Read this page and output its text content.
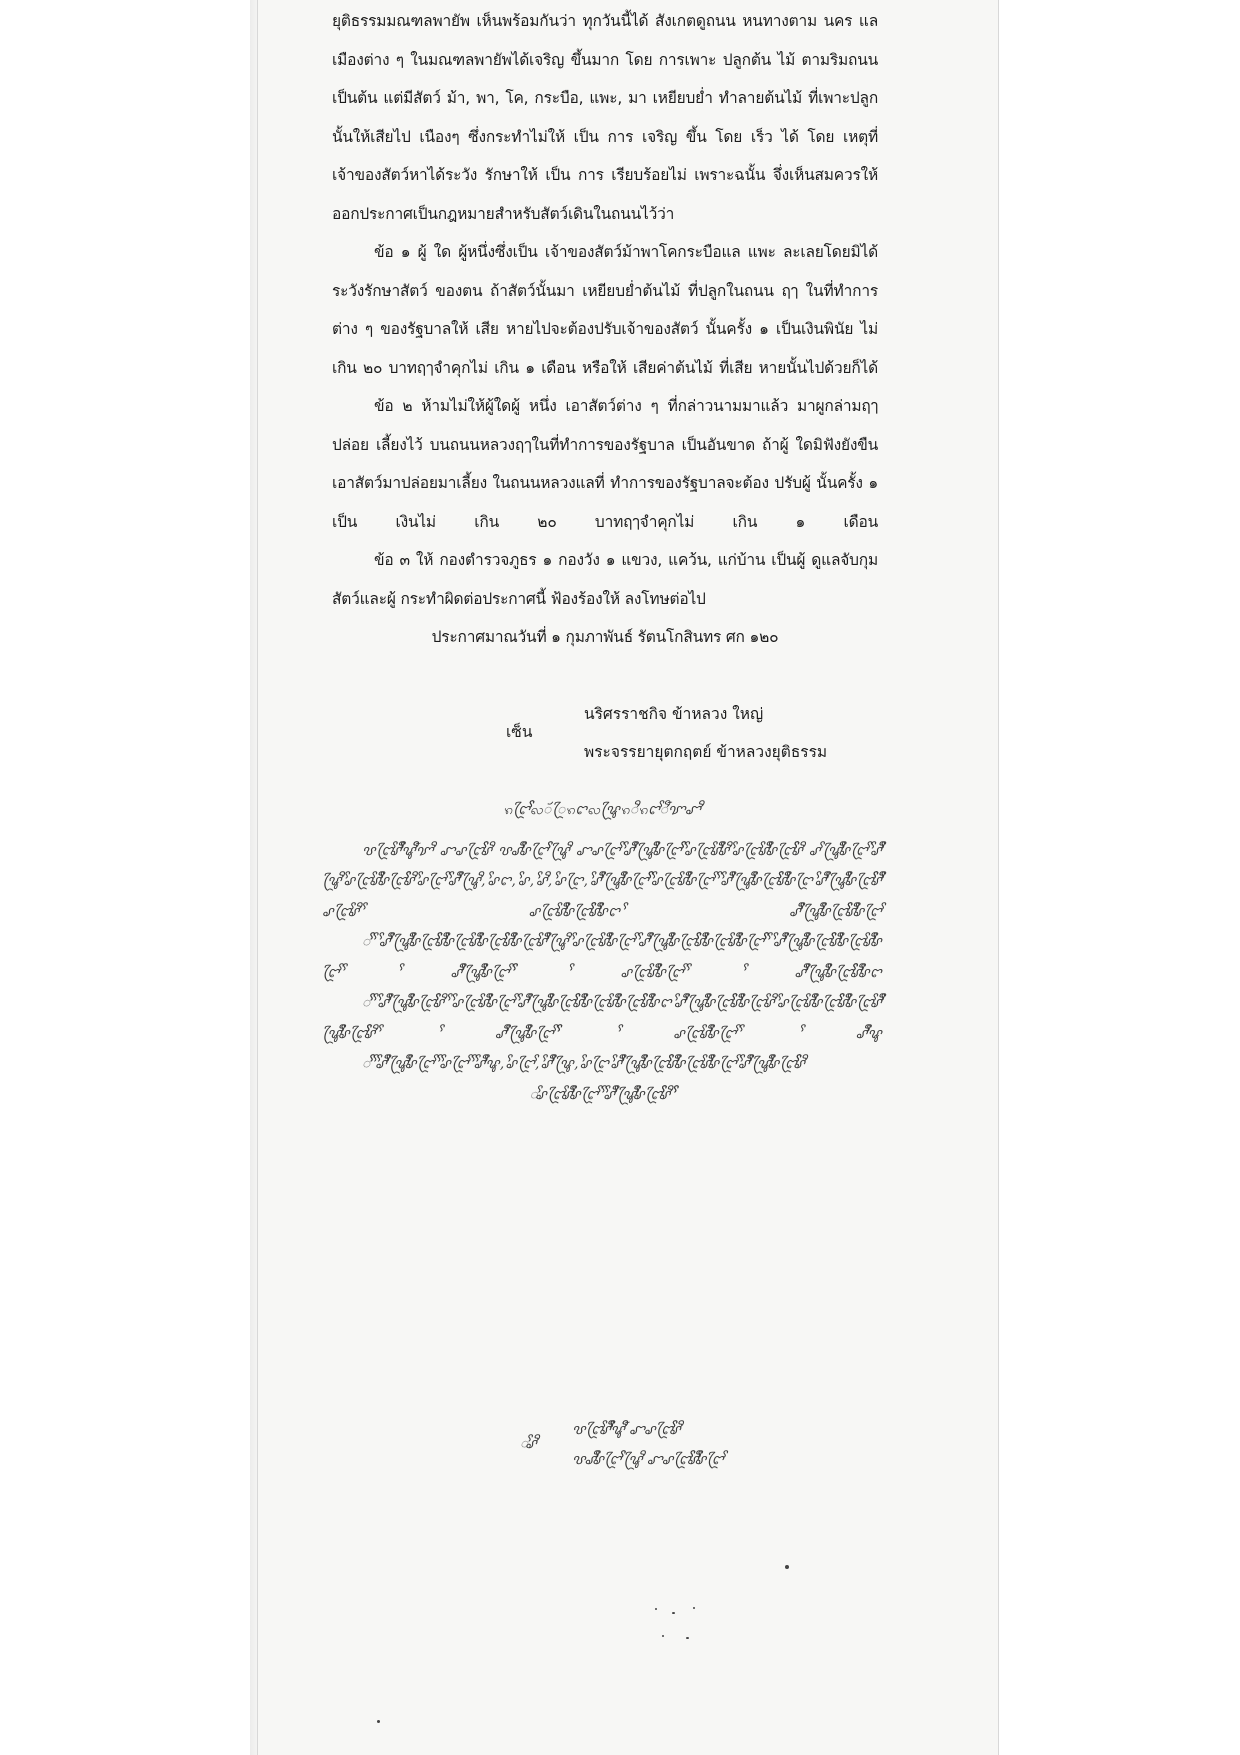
ยุติธรรมมณฑลพายัพ เห็นพร้อมกันว่า ทุกวันนี้ได้ สังเกตดูถนน หนทางตาม นคร แลเมืองต่าง ๆ ในมณฑลพายัพได้เจริญ ขึ้นมาก โดย การเพาะ ปลูกต้น ไม้ ตามริมถนน เป็นต้น แต่มีสัตว์ ม้า, พา, โค, กระบือ, แพะ, มา เหยียบย่ำ ทำลายต้นไม้ ที่เพาะปลูกนั้นให้เสียไป เนืองๆ ซึ่งกระทำไม่ให้ เป็น การ เจริญ ขึ้น โดย เร็ว ได้ โดย เหตุที่ เจ้าของสัตว์หาได้ระวัง รักษาให้ เป็น การ เรียบร้อยไม่ เพราะฉนั้น จึ่งเห็นสมควรให้ ออกประกาศเป็นกฎหมายสำหรับสัตว์เดินในถนนไว้ว่า

ข้อ ๑ ผู้ ใด ผู้หนึ่งซึ่งเป็น เจ้าของสัตว์ม้าพาโคกระบือแล แพะ ละเลยโดยมิได้ ระวังรักษาสัตว์ ของตน ถ้าสัตว์นั้นมา เหยียบย่ำต้นไม้ ที่ปลูกในถนน ฤๅ ในที่ทำการต่าง ๆ ของรัฐบาลให้ เสีย หายไปจะต้องปรับเจ้าของสัตว์ นั้นครั้ง ๑ เป็นเงินพินัย ไม่ เกิน ๒๐ บาทฤๅจำคุกไม่ เกิน ๑ เดือน หรือให้ เสียค่าต้นไม้ ที่เสีย หายนั้นไปด้วยก็ได้

ข้อ ๒ ห้ามไม่ให้ผู้ใดผู้ หนึ่ง เอาสัตว์ต่าง ๆ ที่กล่าวนามมาแล้ว มาผูกล่ามฤๅปล่อย เลี้ยงไว้ บนถนนหลวงฤๅในที่ทำการของรัฐบาล เป็นอันขาด ถ้าผู้ ใดมิฟังยังขืนเอาสัตว์มาปล่อยมาเลี้ยง ในถนนหลวงแลที่ ทำการของรัฐบาลจะต้อง ปรับผู้ นั้นครั้ง ๑ เป็น เงินไม่ เกิน ๒๐ บาทฤๅจำคุกไม่ เกิน ๑ เดือน

ข้อ ๓ ให้ กองตำรวจภูธร ๑ กองวัง ๑ แขวง, แคว้น, แก่บ้าน เป็นผู้ ดูแลจับกุมสัตว์และผู้ กระทำผิดต่อประกาศนี้ ฟ้องร้องให้ ลงโทษต่อไป

ประกาศมาณวันที่ ๑ กุมภาพันธ์ รัตนโกสินทร ศก ๑๒๐

เซ็น
นริศรราชกิจ ข้าหลวง ใหญ่
พระจรรยายุตกฤตย์ ข้าหลวงยุติธรรม

ꩫꨤꨴꨩꨩꩮꨮꨴꩫꨤꩮꨥꨴꩫꨪꩫꨤꨩꨬꨢꨧꨪ

ꨝꨤꨴꨩꨣꨪꨩꨩꨥꨪꨬꨢꨪ ꨧꨣꨤꨴꨩꨩꨣꨪ ꨝꨣꨪꨩꨣꨤꨴꨩꨩꨥꨴꨪ ꨧꨣꨤꨴꨩ ꨩꨣꨪꨩꨥꨴꨪꨩꨣꨤꨴꨩꨩꨩ ꨩꨣꨤꨴꨩꨣꨪꨩꨣꨪ ꨩꨣꨤꨴꨩꨣꨪꨩꨣꨤꨴꨩꨩꨩꨣꨪ ꨣꨩꨥꨴꨪꨩꨣꨤꨴꨩ ꨩꨣꨪꨩꨥꨴꨪ ꨩꨣꨤꨴꨩꨣꨪꨩꨣꨤꨴꨩꨩꨩꨣꨪ ꨩꨣꨤꨴꨩ ꨩꨣꨪꨩꨥꨴꨪ, ꨩꨣꨤ, ꨩꨣ, ꨩꨣꨪ, ꨩꨣꨤꨴ, ꨩꨣꨪꨩꨥꨴꨪꨩꨣꨤꨴꨩꨩꨩ ꨩꨣꨤꨴꨩꨣꨪꨩꨣꨤꨴꨩ ꨩ ꨩꨣꨪꨩꨥꨴꨪꨩꨣꨤꨴꨩꨩꨩꨣꨪꨩꨣꨤꨴ ꨩꨣꨪꨩꨥꨴꨪꨩꨣꨤꨴꨩꨩꨩꨣꨪꨩꨣꨤꨴꨩꨣꨪ ꨩꨣꨤꨴꨩꨣꨪꨩꨣꨤꨴꨩꨩꨩꨣꨪꨩꨣꨤ ꨩꨣꨪꨩꨥꨴꨪꨩꨣꨤꨴꨩꨩꨩꨣꨪꨩꨣꨤꨴꨩ

ꨩꨩ ꨩ ꨩꨣꨪꨩꨥꨴꨪꨩꨣꨤꨴꨩꨩꨩꨣꨪꨩꨣꨤꨴꨩꨣꨪꨩꨣꨤꨴꨩꨩꨩꨣꨪꨩꨣꨤꨴꨩꨣꨪꨩꨥꨴꨪ ꨩꨣꨤꨴꨩꨣꨪꨩꨣꨤꨴꨩ ꨩꨣꨪꨩꨥꨴꨪꨩꨣꨤꨴꨩꨩꨩꨣꨪꨩꨣꨤꨴꨩꨣꨪꨩꨣꨤꨴꨩꨩꨩ ꨩ ꨩꨣꨪꨩꨥꨴꨪꨩꨣꨤꨴꨩꨩꨩꨣꨪꨩꨣꨤꨴꨩꨣꨪꨩꨣꨤꨴꨩ ꨩ ꨩꨣꨪꨩꨥꨴꨪꨩꨣꨤꨴꨩ ꨩꨩ ꨩꨣꨤꨴꨩꨣꨪꨩꨣꨤꨴꨩ ꨩ ꨩꨣꨪꨩꨥꨴꨪꨩꨣꨤꨴꨩꨩꨩꨣꨪꨩꨣꨤ

ꨩꨩ ꨩ ꨩꨣꨪꨩꨥꨴꨪꨩꨣꨤꨴꨩꨩꨩꨣꨪ ꨩ ꨩꨣꨤꨴꨩꨣꨪꨩꨣꨤꨴꨩ ꨩꨣꨪꨩꨥꨴꨪꨩꨣꨤꨴꨩꨩꨩꨣꨪꨩꨣꨤꨴꨩꨣꨪꨩꨣꨤꨴꨩꨩꨩꨣꨪꨩꨣꨤ ꨩꨣꨪꨩꨥꨴꨪꨩꨣꨤꨴꨩꨩꨩꨣꨪꨩꨣꨤꨴꨩꨣꨪ ꨩꨣꨤꨴꨩꨣꨪꨩꨣꨤꨴꨩꨩꨩꨣꨪꨩꨣꨤꨴꨩꨣꨪꨩꨥꨴꨪꨩꨣꨤꨴꨩꨩꨩꨣꨪ ꨩ ꨩꨣꨪꨩꨥꨴꨪꨩꨣꨤꨴꨩ ꨩꨩ ꨩꨣꨤꨴꨩꨣꨪꨩꨣꨤꨴꨩ ꨩ ꨩꨣꨪꨩꨥ

ꨩꨩ ꨩ ꨩꨣꨪꨩꨥꨴꨪꨩꨣꨤꨴꨩ ꨩ ꨩꨣꨤꨴꨩ ꨩ ꨩꨣꨪꨩꨥ, ꨩꨣꨤꨴꨩ, ꨩꨣꨪꨩꨥꨴ, ꨩꨣꨤꨴ ꨩꨣꨪꨩꨥꨴꨪꨩꨣꨤꨴꨩꨩꨩꨣꨪꨩꨣꨤꨴꨩꨣꨪꨩꨣꨤꨴꨩ ꨩꨣꨪꨩꨥꨴꨪꨩꨣꨤꨴꨩꨩꨩꨣꨪ

ꨩꨣꨤꨴꨩꨣꨪꨩꨣꨤꨴꨩ ꨩ ꨩꨣꨪꨩꨥꨴꨪꨩꨣꨤꨴꨩꨩꨩꨣꨪ ꨩꨩ

ꨩꨣꨪ
ꨝꨤꨴꨩꨣꨪꨩꨩꨥꨪꨬ ꨧꨣꨤꨴꨩꨩꨣꨪ
ꨝꨣꨪꨩꨣꨤꨴꨩꨩꨥꨴꨪ ꨧꨣꨤꨴꨩꨩꨣꨪꨩꨣꨤꨴꨩ
